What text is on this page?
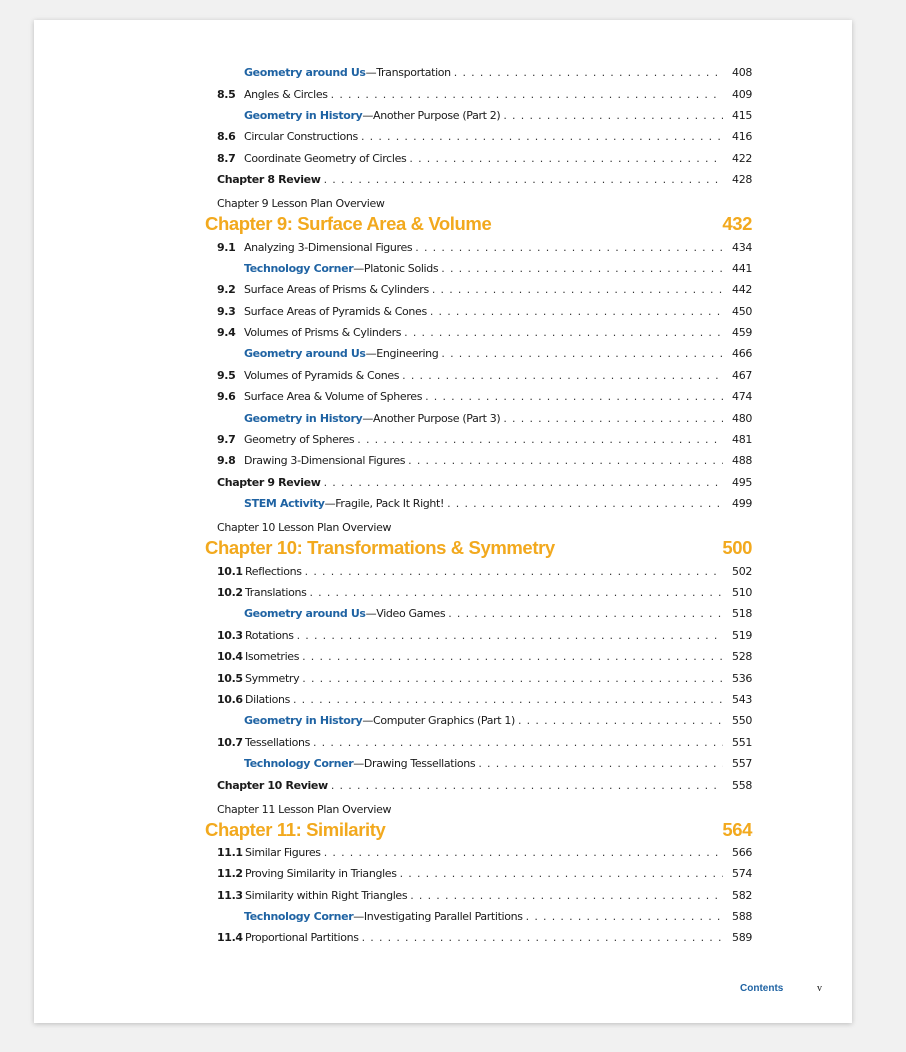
Geometry around Us —Transportation . . .	408
8.5 Angles & Circles . . .	409
Geometry in History —Another Purpose (Part 2) . . .	415
8.6 Circular Constructions . . .	416
8.7 Coordinate Geometry of Circles . . .	422
Chapter 8 Review . . .	428
Chapter 9 Lesson Plan Overview
Chapter 9: Surface Area & Volume	432
9.1 Analyzing 3-Dimensional Figures . . .	434
Technology Corner —Platonic Solids . . .	441
9.2 Surface Areas of Prisms & Cylinders . . .	442
9.3 Surface Areas of Pyramids & Cones . . .	450
9.4 Volumes of Prisms & Cylinders . . .	459
Geometry around Us —Engineering . . .	466
9.5 Volumes of Pyramids & Cones . . .	467
9.6 Surface Area & Volume of Spheres . . .	474
Geometry in History —Another Purpose (Part 3) . . .	480
9.7 Geometry of Spheres . . .	481
9.8 Drawing 3-Dimensional Figures . . .	488
Chapter 9 Review . . .	495
STEM Activity —Fragile, Pack It Right! . . .	499
Chapter 10 Lesson Plan Overview
Chapter 10: Transformations & Symmetry	500
10.1 Reflections . . .	502
10.2 Translations . . .	510
Geometry around Us —Video Games . . .	518
10.3 Rotations . . .	519
10.4 Isometries . . .	528
10.5 Symmetry . . .	536
10.6 Dilations . . .	543
Geometry in History —Computer Graphics (Part 1) . . .	550
10.7 Tessellations . . .	551
Technology Corner —Drawing Tessellations . . .	557
Chapter 10 Review . . .	558
Chapter 11 Lesson Plan Overview
Chapter 11: Similarity	564
11.1 Similar Figures . . .	566
11.2 Proving Similarity in Triangles . . .	574
11.3 Similarity within Right Triangles . . .	582
Technology Corner —Investigating Parallel Partitions . . .	588
11.4 Proportional Partitions . . .	589
Contents	v
